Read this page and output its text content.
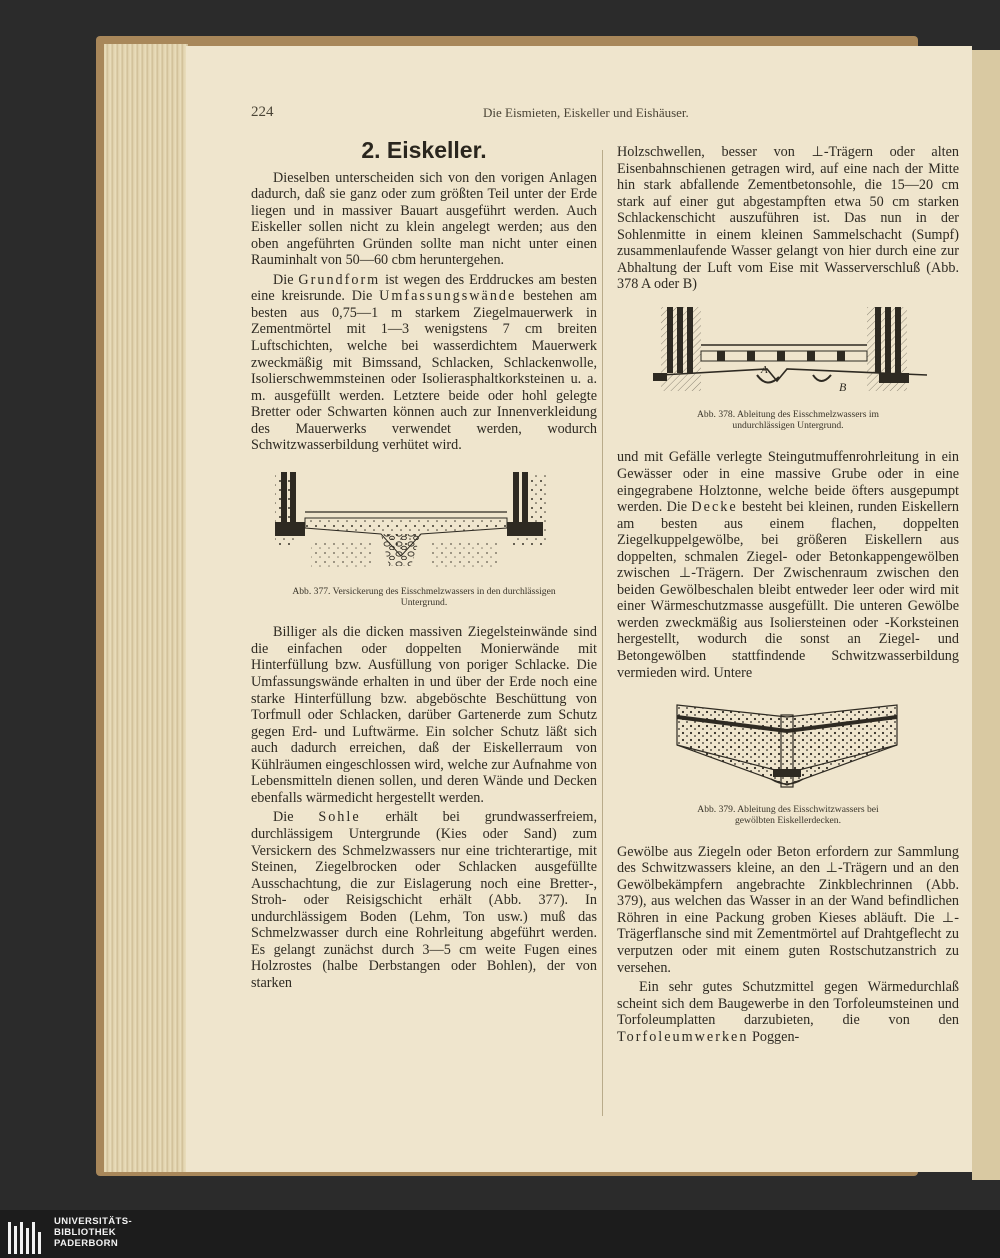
224	Die Eismieten, Eiskeller und Eishäuser.
2. Eiskeller.

Dieselben unterscheiden sich von den vorigen Anlagen dadurch, daß sie ganz oder zum größten Teil unter der Erde liegen und in massiver Bauart ausgeführt werden. Auch Eiskeller sollen nicht zu klein angelegt werden; aus den oben angeführten Gründen sollte man nicht unter einen Rauminhalt von 50—60 cbm heruntergehen.

Die Grundform ist wegen des Erddruckes am besten eine kreisrunde. Die Umfassungswände bestehen am besten aus 0,75—1 m starkem Ziegelmauerwerk in Zementmörtel mit 1—3 wenigstens 7 cm breiten Luftschichten, welche bei wasserdichtem Mauerwerk zweckmäßig mit Bimssand, Schlacken, Schlackenwolle, Isolierschwemmsteinen oder Isolierasphaltkorksteinen u. a. m. ausgefüllt werden. Letztere beide oder hohl gelegte Bretter oder Schwarten können auch zur Innenverkleidung des Mauerwerks verwendet werden, wodurch Schwitzwasserbildung verhütet wird.

Abb. 377. Versickerung des Eisschmelzwassers in den durchlässigen Untergrund.

Billiger als die dicken massiven Ziegelsteinwände sind die einfachen oder doppelten Monierwände mit Hinterfüllung bzw. Ausfüllung von poriger Schlacke. Die Umfassungswände erhalten in und über der Erde noch eine starke Hinterfüllung bzw. abgeböschte Beschüttung von Torfmull oder Schlacken, darüber Gartenerde zum Schutz gegen Erd- und Luftwärme. Ein solcher Schutz läßt sich auch dadurch erreichen, daß der Eiskellerraum von Kühlräumen eingeschlossen wird, welche zur Aufnahme von Lebensmitteln dienen sollen, und deren Wände und Decken ebenfalls wärmedicht hergestellt werden.

Die Sohle erhält bei grundwasserfreiem, durchlässigem Untergrunde (Kies oder Sand) zum Versickern des Schmelzwassers nur eine trichterartige, mit Steinen, Ziegelbrocken oder Schlacken ausgefüllte Ausschachtung, die zur Eislagerung noch eine Bretter-, Stroh- oder Reisigschicht erhält (Abb. 377). In undurchlässigem Boden (Lehm, Ton usw.) muß das Schmelzwasser durch eine Rohrleitung abgeführt werden. Es gelangt zunächst durch 3—5 cm weite Fugen eines Holzrostes (halbe Derbstangen oder Bohlen), der von starken

Holzschwellen, besser von ⊥-Trägern oder alten Eisenbahnschienen getragen wird, auf eine nach der Mitte hin stark abfallende Zementbetonsohle, die 15—20 cm stark auf einer gut abgestampften etwa 50 cm starken Schlackenschicht auszuführen ist. Das nun in der Sohlenmitte in einem kleinen Sammelschacht (Sumpf) zusammenlaufende Wasser gelangt von hier durch eine zur Abhaltung der Luft vom Eise mit Wasserverschluß (Abb. 378 A oder B)

A
B
Abb. 378. Ableitung des Eisschmelzwassers im undurchlässigen Untergrund.

und mit Gefälle verlegte Steingutmuffenrohrleitung in ein Gewässer oder in eine massive Grube oder in eine eingegrabene Holztonne, welche beide öfters ausgepumpt werden. Die Decke besteht bei kleinen, runden Eiskellern am besten aus einem flachen, doppelten Ziegelkuppelgewölbe, bei größeren Eiskellern aus doppelten, schmalen Ziegel- oder Betonkappengewölben zwischen ⊥-Trägern. Der Zwischenraum zwischen den beiden Gewölbeschalen bleibt entweder leer oder wird mit einer Wärmeschutzmasse ausgefüllt. Die unteren Gewölbe werden zweckmäßig aus Isoliersteinen oder -Korksteinen hergestellt, wodurch die sonst an Ziegel- und Betongewölben stattfindende Schwitzwasserbildung vermieden wird. Untere

Abb. 379. Ableitung des Eisschwitzwassers bei gewölbten Eiskellerdecken.

Gewölbe aus Ziegeln oder Beton erfordern zur Sammlung des Schwitzwassers kleine, an den ⊥-Trägern und an den Gewölbekämpfern angebrachte Zinkblechrinnen (Abb. 379), aus welchen das Wasser in an der Wand befindlichen Röhren in eine Packung groben Kieses abläuft. Die ⊥-Trägerflansche sind mit Zementmörtel auf Drahtgeflecht zu verputzen oder mit einem guten Rostschutzanstrich zu versehen.

Ein sehr gutes Schutzmittel gegen Wärmedurchlaß scheint sich dem Baugewerbe in den Torfoleumsteinen und Torfoleumplatten darzubieten, die von den Torfoleumwerken Poggen-

UNIVERSITÄTS-
BIBLIOTHEK
PADERBORN
